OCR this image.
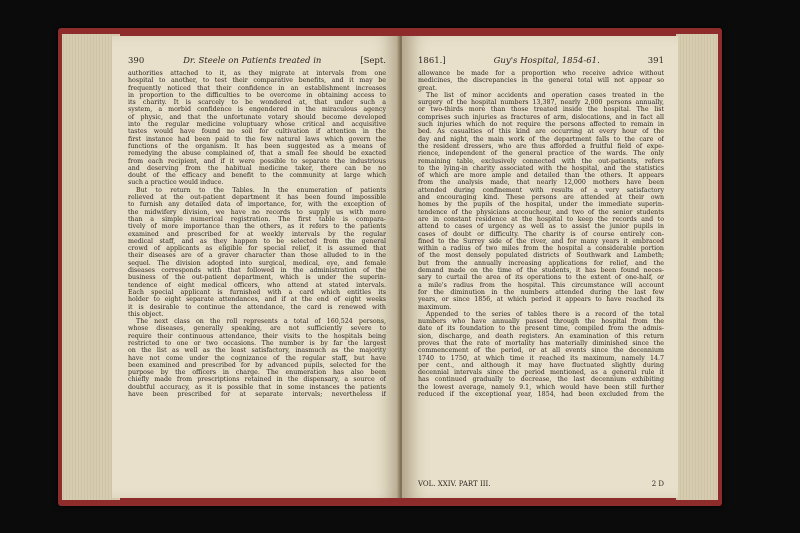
390	Dr. Steele on Patients treated in	[Sept.
authorities attached to it, as they migrate at intervals from one
hospital to another, to test their comparative benefits, and it may be
frequently noticed that their confidence in an establishment increases
in proportion to the difficulties to be overcome in obtaining access to
its charity. It is scarcely to be wondered at, that under such a
system, a morbid confidence is engendered in the miraculous agency
of physic, and that the unfortunate votary should become developed
into the regular medicine voluptuary whose critical and acquisitive
tastes would have found no soil for cultivation if attention in the
first instance had been paid to the few natural laws which govern the
functions of the organism. It has been suggested as a means of
remedying the abuse complained of, that a small fee should be exacted
from each recipient, and if it were possible to separate the industrious
and deserving from the habitual medicine taker, there can be no
doubt of the efficacy and benefit to the community at large which
such a practice would induce.
But to return to the Tables. In the enumeration of patients
relieved at the out-patient department it has been found impossible
to furnish any detailed data of importance, for, with the exception of
the midwifery division, we have no records to supply us with more
than a simple numerical registration. The first table is compara-
tively of more importance than the others, as it refers to the patients
examined and prescribed for at weekly intervals by the regular
medical staff, and as they happen to be selected from the general
crowd of applicants as eligible for special relief, it is assumed that
their diseases are of a graver character than those alluded to in the
sequel. The division adopted into surgical, medical, eye, and female
diseases corresponds with that followed in the administration of the
business of the out-patient department, which is under the superin-
tendence of eight medical officers, who attend at stated intervals.
Each special applicant is furnished with a card which entitles its
holder to eight separate attendances, and if at the end of eight weeks
it is desirable to continue the attendance, the card is renewed with
this object.
The next class on the roll represents a total of 160,524 persons,
whose diseases, generally speaking, are not sufficiently severe to
require their continuous attendance, their visits to the hospitals being
restricted to one or two occasions. The number is by far the largest
on the list as well as the least satisfactory, inasmuch as the majority
have not come under the cognizance of the regular staff, but have
been examined and prescribed for by advanced pupils, selected for the
purpose by the officers in charge. The enumeration has also been
chiefly made from prescriptions retained in the dispensary, a source of
doubtful accuracy, as it is possible that in some instances the patients
have been prescribed for at separate intervals; nevertheless if
1861.]	Guy's Hospital, 1854-61.	391
allowance be made for a proportion who receive advice without
medicines, the discrepancies in the general total will not appear so
great.
The list of minor accidents and operation cases treated in the
surgery of the hospital numbers 13,387, nearly 2,000 persons annually,
or two-thirds more than those treated inside the hospital. The list
comprises such injuries as fractures of arm, dislocations, and in fact all
such injuries which do not require the persons affected to remain in
bed. As casualties of this kind are occurring at every hour of the
day and night, the main work of the department falls to the care of
the resident dressers, who are thus afforded a fruitful field of expe-
rience, independent of the general practice of the wards. The only
remaining table, exclusively connected with the out-patients, refers
to the lying-in charity associated with the hospital, and the statistics
of which are more ample and detailed than the others. It appears
from the analysis made, that nearly 12,000 mothers have been
attended during confinement with results of a very satisfactory
and encouraging kind. These persons are attended at their own
homes by the pupils of the hospital, under the immediate superin-
tendence of the physicians accoucheur, and two of the senior students
are in constant residence at the hospital to keep the records and to
attend to cases of urgency as well as to assist the junior pupils in
cases of doubt or difficulty. The charity is of course entirely con-
fined to the Surrey side of the river, and for many years it embraced
within a radius of two miles from the hospital a considerable portion
of the most densely populated districts of Southwark and Lambeth;
but from the annually increasing applications for relief, and the
demand made on the time of the students, it has been found neces-
sary to curtail the area of its operations to the extent of one-half, or
a mile's radius from the hospital. This circumstance will account
for the diminution in the numbers attended during the last few
years, or since 1856, at which period it appears to have reached its
maximum.
Appended to the series of tables there is a record of the total
numbers who have annually passed through the hospital from the
date of its foundation to the present time, compiled from the admis-
sion, discharge, and death registers. An examination of this return
proves that the rate of mortality has materially diminished since the
commencement of the period, or at all events since the decennium
1740 to 1750, at which time it reached its maximum, namely 14.7
per cent., and although it may have fluctuated slightly during
decennial intervals since the period mentioned, as a general rule it
has continued gradually to decrease, the last decennium exhibiting
the lowest average, namely 9.1, which would have been still further
reduced if the exceptional year, 1854, had been excluded from the
VOL. XXIV. PART III.	2 D
